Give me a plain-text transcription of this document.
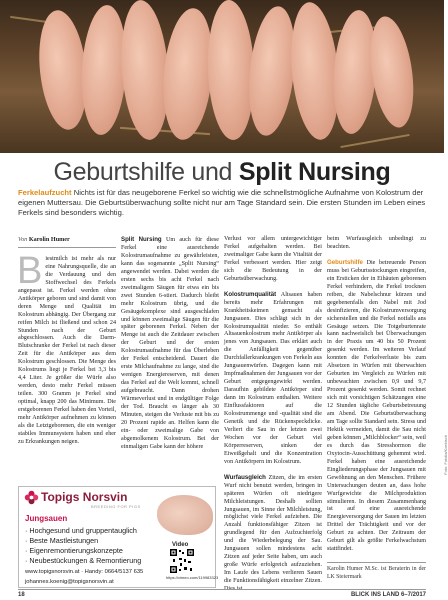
Foto: Fotolia/Koebisch
Geburtshilfe und Split Nursing
Ferkelaufzucht Nichts ist für das neugeborene Ferkel so wichtig wie die schnellstmögliche Aufnahme von Kolostrum der eigenen Muttersau. Die Geburtsüberwachung sollte nicht nur am Tage Standard sein. Die ersten Stunden im Leben eines Ferkels sind besonders wichtig.
Von Karolin Humer

B iestmilch ist mehr als nur eine Nahrungsquelle, die an die Verdauung und den Stoffwechsel des Ferkels angepasst ist. Ferkel werden ohne Antikörper geboren und sind damit von deren Menge und Qualität im Kolostrum abhängig. Der Übergang zur reifen Milch ist fließend und schon 24 Stunden nach der Geburt abgeschlossen. Auch die Darm-Blutschranke der Ferkel ist nach dieser Zeit für die Antikörper aus dem Kolostrum geschlossen. Die Menge des Kolostrums liegt je Ferkel bei 3,3 bis 4,4 Liter. Je größer die Würfe also werden, desto mehr Ferkel müssen teilen. 300 Gramm je Ferkel sind optimal, knapp 200 das Minimum. Die erstgeborenen Ferkel haben den Vorteil, mehr Antikörper aufnehmen zu können als die Letztgeborenen, die ein weniger stabiles Immunsystem haben und eher zu Erkrankungen neigen.

Split Nursing Um auch für diese Ferkel eine ausreichende Kolostrumaufnahme zu gewährleisten, kann das sogenannte „Split Nursing“ angewendet werden. Dabei werden die ersten sechs bis acht Ferkel nach zweimaligem Säugen für etwa ein bis zwei Stunden 6-stiert. Dadurch bleibt mehr Kolostrum übrig, und die Gesäugekomplexe sind ausgeschlafen und können zweimalige Säugen für die später geborenen Ferkel. Neben der Menge ist auch die Zeitdauer zwischen der Geburt und der ersten Kolostrumaufnahme für das Überleben der Ferkel entscheidend. Dauert die erste Milchaufnahme zu lange, sind die wenigen Energiereserven, mit denen das Ferkel auf die Welt kommt, schnell aufgebraucht. Dann drohen Wärmeverlust und in endgültiger Folge der Tod. Braucht es länger als 30 Minuten, steigen die Verluste mit bis zu 20 Prozent rapide an. Helfen kann die ein- oder zweimalige Gabe von abgemolkenem Kolostrum. Bei der einmaligen Gabe kann der höhere

Verlust vor allem untergewichtiger Ferkel aufgehalten werden. Bei zweimaliger Gabe kann die Vitalität der Ferkel verbessert werden. Hier zeigt sich die Bedeutung in der Geburtsüberwachung.

Kolostrumqualität Altsauen haben bereits mehr Erfahrungen mit Krankheitskeimen gemacht als Jungsauen. Dies schlägt sich in der Kolostrumqualität nieder. So enthält Altsauenkolostrum mehr Antikörper als jenes von Jungsauen. Das erklärt auch die Anfälligkeit gegenüber Durchfallerkrankungen von Ferkeln aus Jungsauenwürfen. Dagegen kann mit Impfmaßnahmen der Jungsauen vor der Geburt entgegengewirkt werden. Daraufhin gebildete Antikörper sind dann im Kolostrum enthalten. Weitere Einflussfaktoren auf die Kolostrummenge und -qualität sind die Genetik und die Rückenspeckdicke. Verliert die Sau in der letzten zwei Wochen vor der Geburt viel Körperreserven, sinken der Eiweißgehalt und die Konzentration von Antikörpern im Kolostrum.

Wurfausgleich Zitzen, die im ersten Wurf nicht benutzt werden, bringen in späteren Würfen oft niedrigere Milchleistungen. Deshalb sollten Jungsauen, im Sinne der Milchleistung, möglichst viele Ferkel aufziehen. Die Anzahl funktionsfähiger Zitzen ist grundlegend für den Aufzuchterfolg und die Wiederbelegung der Sau. Jungsauen sollen mindestens acht Zitzen auf jeder Seite haben, um auch große Würfe erfolgreich aufzuziehen. Im Laufe des Lebens verlieren Sauen die Funktionsfähigkeit einzelner Zitzen. Dies ist

beim Wurfausgleich unbedingt zu beachten.

Geburtshilfe Die betreuende Person muss bei Geburtsstockungen eingreifen, ein Ersticken der in Eihäuten geborenen Ferkel verhindern, die Ferkel trocknen reiben, die Nabelschnur kürzen und gegebenenfalls den Nabel mit Jod desinfizieren, die Kolostrumversorgung sicherstellen und die Ferkel notfalls ans Gesäuge setzen. Die Totgeburtenrate kann nachweislich bei Überwachungen in der Praxis um 40 bis 50 Prozent gesenkt werden. Im weiteren Verlauf konnten die Ferkelverluste bis zum Absetzen in Würfen mit überwachten Geburten im Vergleich zu Würfen mit unbewachten zwischen 0,9 und 9,7 Prozent gesenkt werden. Somit rechnet sich mit vorsichtigen Schätzungen eine 12 Stunden tägliche Geburtsbetreuung am Abend. Die Geburtsüberwachung am Tage sollte Standard sein. Stress und Hektik vermeiden, damit die Sau nicht geben können „Milchblocker“ sein, weil es durch das Stresshormon die Oxytocin-Ausschüttung gehemmt wird. Ferkel haben eine ausreichende Eingliederungsphase der Jungsauen mit Gewöhnung an den Menschen. Frühere Untersuchungen deuten an, dass hohe Wurfgewichte die Milchproduktion stimulieren. In diesem Zusammenhang ist auf eine ausreichende Energieversorgung der Sauen im letzten Drittel der Trächtigkeit und vor der Geburt zu achten. Der Zeitraum der Geburt gilt als größte Ferkelwachstum stattfindet.

Karolin Humer M.Sc. ist Beraterin in der LK Steiermark
Topigs Norsvin
BREEDING FOR PIGS
Jungsauen
· Hochgesund und gruppentauglich
· Beste Mastleistungen
· Eigenremontierungskonzepte
· Neubestückungen & Remontierung
www.topigsnorsvin.at · Handy: 0664/5137 635
johannes.koenig@topigsnorsvin.at
Video
https://vimeo.com/119983323
18	BLICK INS LAND 6–7/2017
